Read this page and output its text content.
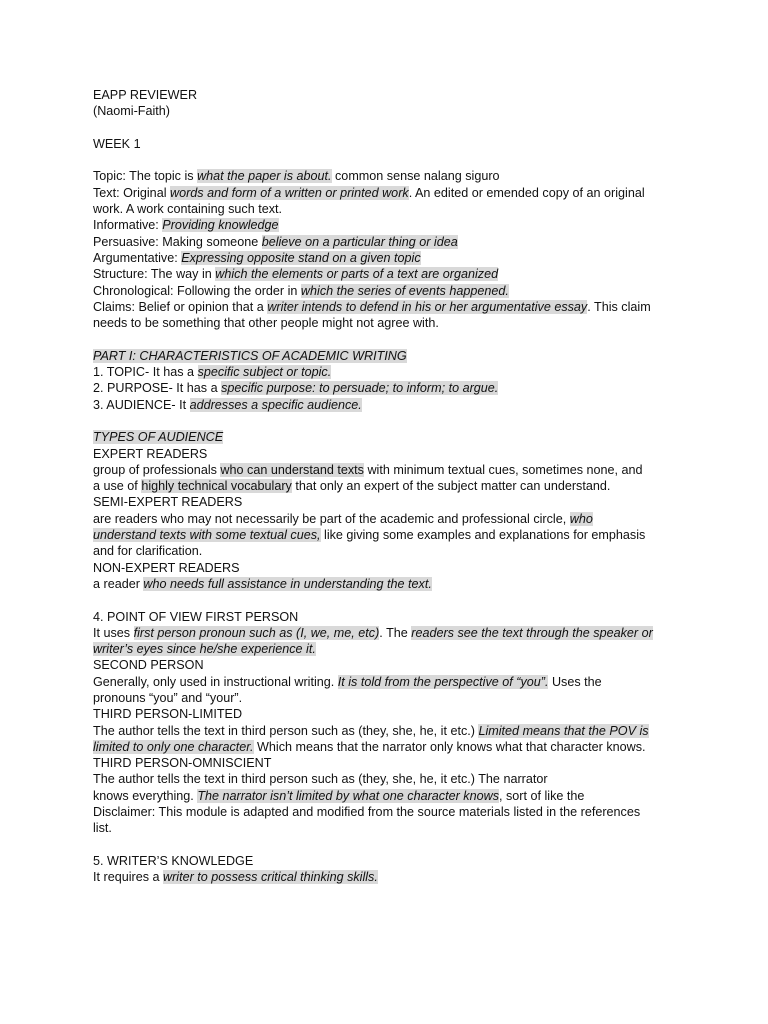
EAPP REVIEWER
(Naomi-Faith)
WEEK 1
Topic: The topic is what the paper is about. common sense nalang siguro
Text: Original words and form of a written or printed work. An edited or emended copy of an original
work. A work containing such text.
Informative: Providing knowledge
Persuasive: Making someone believe on a particular thing or idea
Argumentative: Expressing opposite stand on a given topic
Structure: The way in which the elements or parts of a text are organized
Chronological: Following the order in which the series of events happened.
Claims: Belief or opinion that a writer intends to defend in his or her argumentative essay. This claim
needs to be something that other people might not agree with.
PART I: CHARACTERISTICS OF ACADEMIC WRITING
1. TOPIC- It has a specific subject or topic.
2. PURPOSE- It has a specific purpose: to persuade; to inform; to argue.
3. AUDIENCE- It addresses a specific audience.
TYPES OF AUDIENCE
EXPERT READERS
group of professionals who can understand texts with minimum textual cues, sometimes none, and
a use of highly technical vocabulary that only an expert of the subject matter can understand.
SEMI-EXPERT READERS
are readers who may not necessarily be part of the academic and professional circle, who
understand texts with some textual cues, like giving some examples and explanations for emphasis
and for clarification.
NON-EXPERT READERS
a reader who needs full assistance in understanding the text.
4. POINT OF VIEW FIRST PERSON
It uses first person pronoun such as (I, we, me, etc). The readers see the text through the speaker or
writer’s eyes since he/she experience it.
SECOND PERSON
Generally, only used in instructional writing. It is told from the perspective of “you”. Uses the
pronouns “you” and “your”.
THIRD PERSON-LIMITED
The author tells the text in third person such as (they, she, he, it etc.) Limited means that the POV is
limited to only one character. Which means that the narrator only knows what that character knows.
THIRD PERSON-OMNISCIENT
The author tells the text in third person such as (they, she, he, it etc.) The narrator
knows everything. The narrator isn’t limited by what one character knows, sort of like the
Disclaimer: This module is adapted and modified from the source materials listed in the references
list.
5. WRITER’S KNOWLEDGE
It requires a writer to possess critical thinking skills.
